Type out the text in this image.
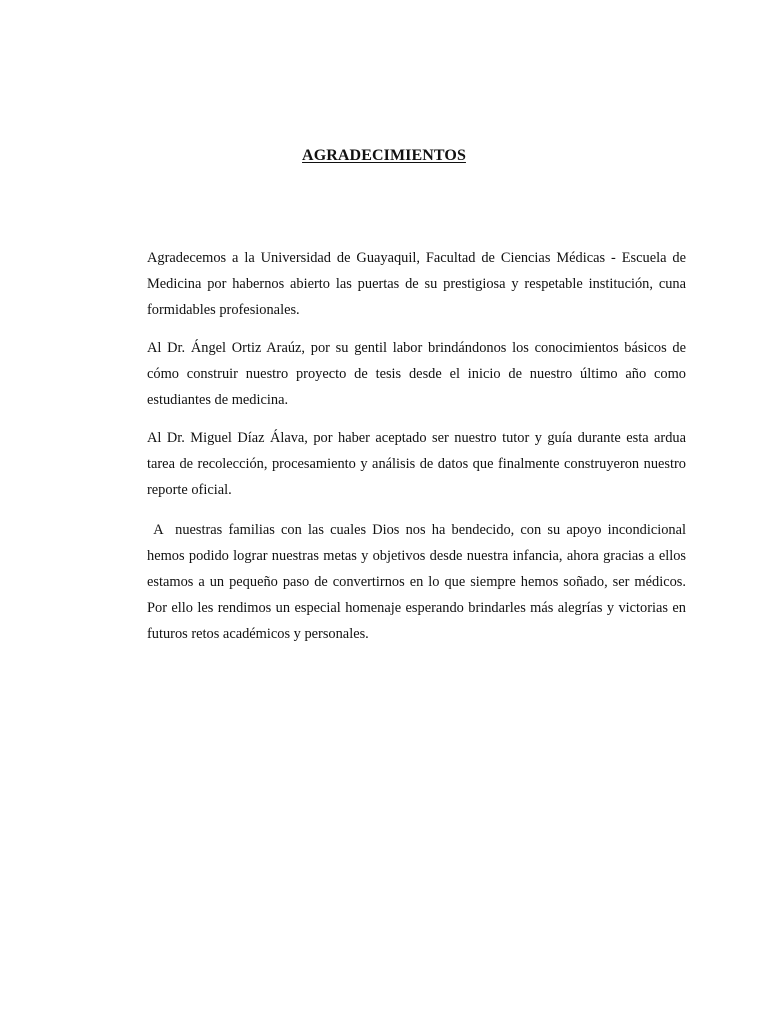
AGRADECIMIENTOS

Agradecemos a la Universidad de Guayaquil, Facultad de Ciencias Médicas - Escuela de Medicina por habernos abierto las puertas de su prestigiosa y respetable institución, cuna formidables profesionales.

Al Dr. Ángel Ortiz Araúz, por su gentil labor brindándonos los conocimientos básicos de cómo construir nuestro proyecto de tesis desde el inicio de nuestro último año como estudiantes de medicina.

Al Dr. Miguel Díaz Álava, por haber aceptado ser nuestro tutor y guía durante esta ardua tarea de recolección, procesamiento y análisis de datos que finalmente construyeron nuestro reporte oficial.

A  nuestras familias con las cuales Dios nos ha bendecido, con su apoyo incondicional hemos podido lograr nuestras metas y objetivos desde nuestra infancia, ahora gracias a ellos estamos a un pequeño paso de convertirnos en lo que siempre hemos soñado, ser médicos. Por ello les rendimos un especial homenaje esperando brindarles más alegrías y victorias en futuros retos académicos y personales.
